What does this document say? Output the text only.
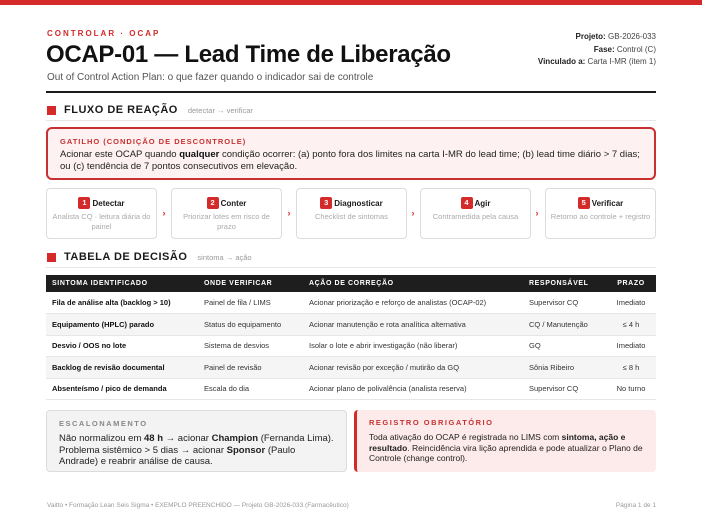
CONTROLAR · OCAP
OCAP-01 — Lead Time de Liberação
Out of Control Action Plan: o que fazer quando o indicador sai de controle
Projeto: GB-2026-033
Fase: Control (C)
Vinculado a: Carta I-MR (item 1)
FLUXO DE REAÇÃO detectar → verificar
GATILHO (CONDIÇÃO DE DESCONTROLE)
Acionar este OCAP quando qualquer condição ocorrer: (a) ponto fora dos limites na carta I-MR do lead time; (b) lead time diário > 7 dias; ou (c) tendência de 7 pontos consecutivos em elevação.
1 Detectar
Analista CQ · leitura diária do painel
›
2 Conter
Priorizar lotes em risco de prazo
›
3 Diagnosticar
Checklist de sintomas	›
4 Agir
Contramedida pela causa	›
5 Verificar
Retorno ao controle + registro
TABELA DE DECISÃO sintoma → ação
SINTOMA IDENTIFICADO	ONDE VERIFICAR	AÇÃO DE CORREÇÃO	RESPONSÁVEL	PRAZO
Fila de análise alta (backlog > 10)	Painel de fila / LIMS	Acionar priorização e reforço de analistas (OCAP-02)	Supervisor CQ	Imediato
Equipamento (HPLC) parado	Status do equipamento	Acionar manutenção e rota analítica alternativa	CQ / Manutenção	≤ 4 h
Desvio / OOS no lote	Sistema de desvios	Isolar o lote e abrir investigação (não liberar)	GQ	Imediato
Backlog de revisão documental	Painel de revisão	Acionar revisão por exceção / mutirão da GQ	Sônia Ribeiro	≤ 8 h
Absenteísmo / pico de demanda	Escala do dia	Acionar plano de polivalência (analista reserva)	Supervisor CQ	No turno
ESCALONAMENTO
Não normalizou em 48 h → acionar Champion (Fernanda Lima). Problema sistêmico > 5 dias → acionar Sponsor (Paulo Andrade) e reabrir análise de causa.
REGISTRO OBRIGATÓRIO
Toda ativação do OCAP é registrada no LIMS com sintoma, ação e resultado. Reincidência vira lição aprendida e pode atualizar o Plano de Controle (change control).
Vaitto • Formação Lean Seis Sigma • EXEMPLO PREENCHIDO — Projeto GB-2026-033 (Farmacêutico)	Página 1 de 1
